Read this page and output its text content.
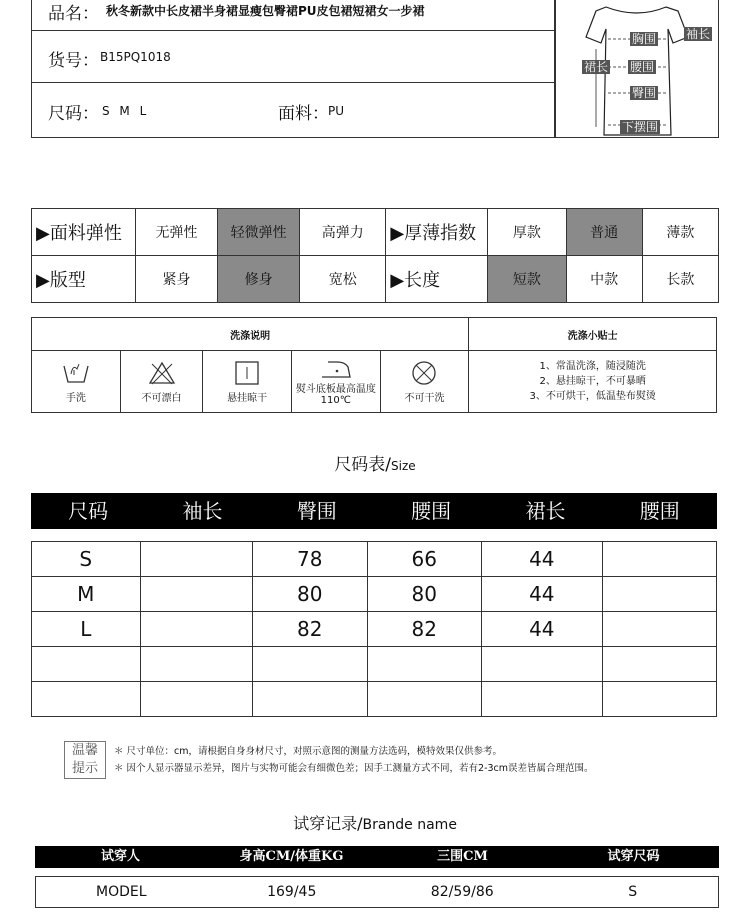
品名： 秋冬新款中长皮裙半身裙显瘦包臀裙PU皮包裙短裙女一步裙
货号： B15PQ1018
尺码： S M L	面料： PU
胸围 袖长
裙长 腰围
臀围
下摆围
▶面料弹性	无弹性	轻微弹性	高弹力	▶厚薄指数	厚款	普通	薄款
▶版型	紧身	修身	宽松	▶长度	短款	中款	长款
洗涤说明					洗涤小贴士

手洗	不可漂白	悬挂晾干	熨斗底板最高温度110℃	不可干洗	1、常温洗涤，随浸随洗
2、悬挂晾干，不可暴晒
3、不可烘干，低温垫布熨烫
尺码表/Size
尺码	袖长	臀围	腰围	裙长	腰围
S		78	66	44	
M		80	80	44	
L		82	82	44	

温馨
提示
＊ 尺寸单位：cm，请根据自身身材尺寸，对照示意图的测量方法选码，模特效果仅供参考。
＊ 因个人显示器显示差异，图片与实物可能会有细微色差；因手工测量方式不同，若有2-3cm误差皆属合理范围。
试穿记录/Brande name
试穿人	身高CM/体重KG	三围CM	试穿尺码
MODEL	169/45	82/59/86	S
